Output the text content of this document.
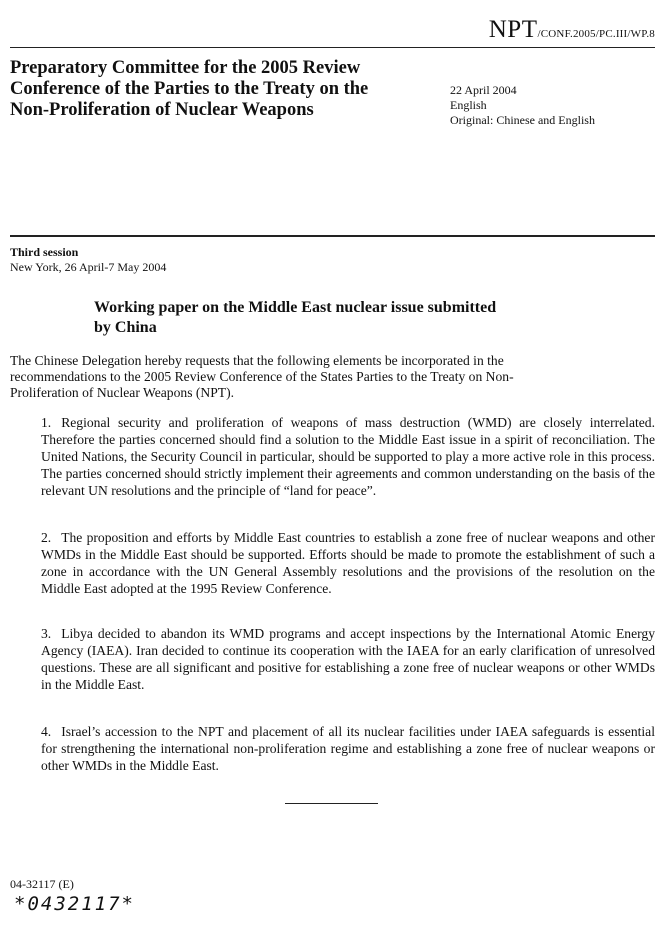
NPT/CONF.2005/PC.III/WP.8
Preparatory Committee for the 2005 Review
Conference of the Parties to the Treaty on the
Non-Proliferation of Nuclear Weapons
22 April 2004
English
Original: Chinese and English
Third session
New York, 26 April-7 May 2004
Working paper on the Middle East nuclear issue submitted
by China
The Chinese Delegation hereby requests that the following elements be incorporated in the
recommendations to the 2005 Review Conference of the States Parties to the Treaty on Non-
Proliferation of Nuclear Weapons (NPT).
1. Regional security and proliferation of weapons of mass destruction (WMD) are closely interrelated. Therefore the parties concerned should find a solution to the Middle East issue in a spirit of reconciliation. The United Nations, the Security Council in particular, should be supported to play a more active role in this process. The parties concerned should strictly implement their agreements and common understanding on the basis of the relevant UN resolutions and the principle of “land for peace”.
2. The proposition and efforts by Middle East countries to establish a zone free of nuclear weapons and other WMDs in the Middle East should be supported. Efforts should be made to promote the establishment of such a zone in accordance with the UN General Assembly resolutions and the provisions of the resolution on the Middle East adopted at the 1995 Review Conference.
3. Libya decided to abandon its WMD programs and accept inspections by the International Atomic Energy Agency (IAEA). Iran decided to continue its cooperation with the IAEA for an early clarification of unresolved questions. These are all significant and positive for establishing a zone free of nuclear weapons or other WMDs in the Middle East.
4. Israel’s accession to the NPT and placement of all its nuclear facilities under IAEA safeguards is essential for strengthening the international non-proliferation regime and establishing a zone free of nuclear weapons or other WMDs in the Middle East.
04-32117 (E)
*0432117*
